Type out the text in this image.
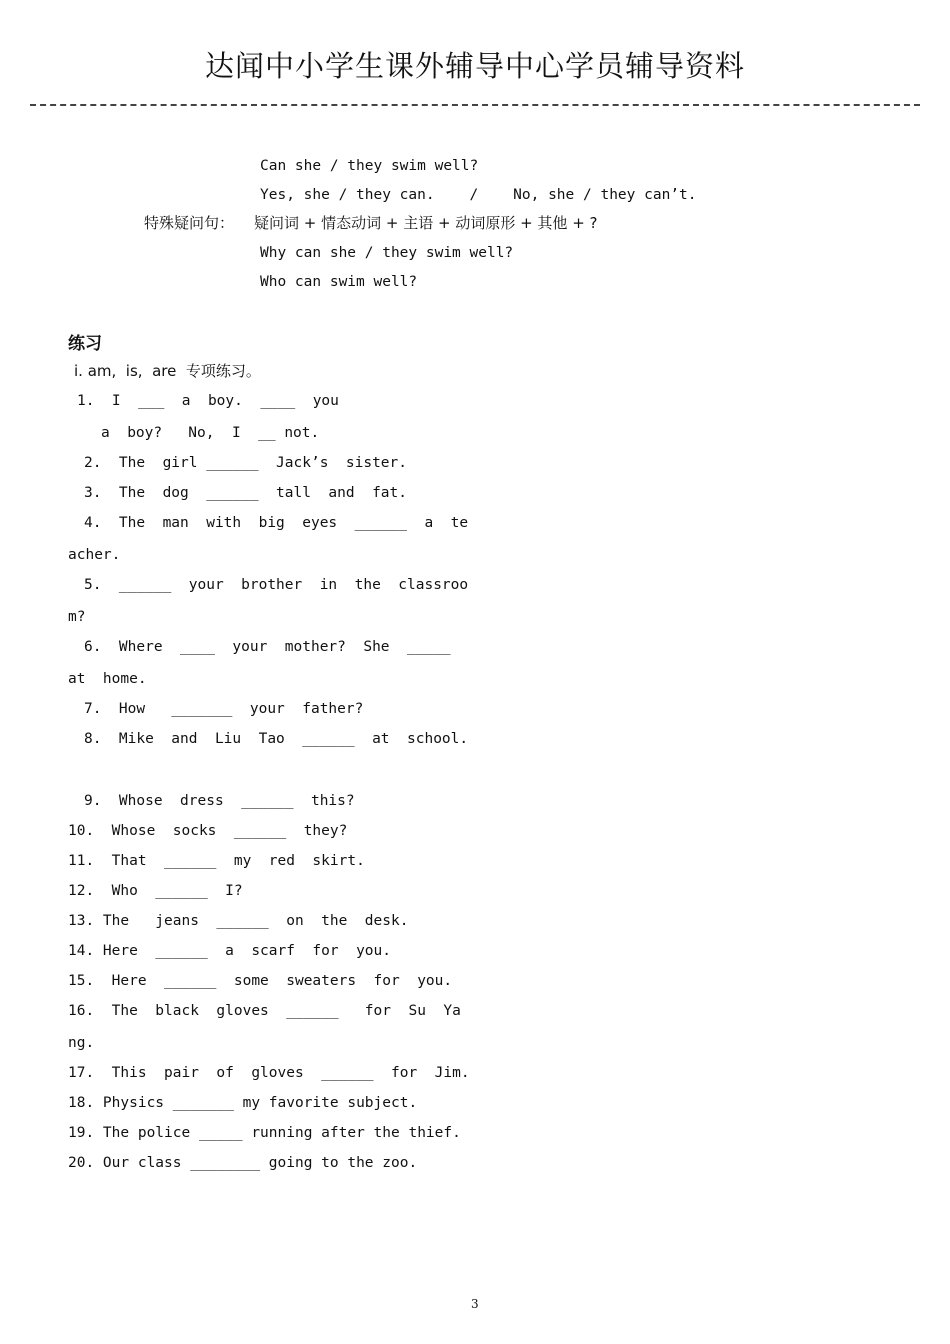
达闻中小学生课外辅导中心学员辅导资料
Can she / they swim well?
Yes, she / they can.    /    No, she / they can’t.
特殊疑问句： 疑问词 + 情态动词 + 主语 + 动词原形 + 其他 + ?
Why can she / they swim well?
Who can swim well?
练习
ⅰ. am,  is,  are  专项练习。
1.  I  ___  a  boy.  ____  you
a  boy?   No,  I  __ not.
2.  The  girl ______  Jack’s  sister.
3.  The  dog  ______  tall  and  fat.
4.  The  man  with  big  eyes  ______  a  te
acher.
5.  ______  your  brother  in  the  classroo
m?
6.  Where  ____  your  mother?  She  _____
at  home.
7.  How   _______  your  father?
8.  Mike  and  Liu  Tao  ______  at  school.
9.  Whose  dress  ______  this?
10.  Whose  socks  ______  they?
11.  That  ______  my  red  skirt.
12.  Who  ______  I?
13. The   jeans  ______  on  the  desk.
14. Here  ______  a  scarf  for  you.
15.  Here  ______  some  sweaters  for  you.
16.  The  black  gloves  ______   for  Su  Ya
ng.
17.  This  pair  of  gloves  ______  for  Jim.
18. Physics _______ my favorite subject.
19. The police _____ running after the thief.
20. Our class ________ going to the zoo.
3
